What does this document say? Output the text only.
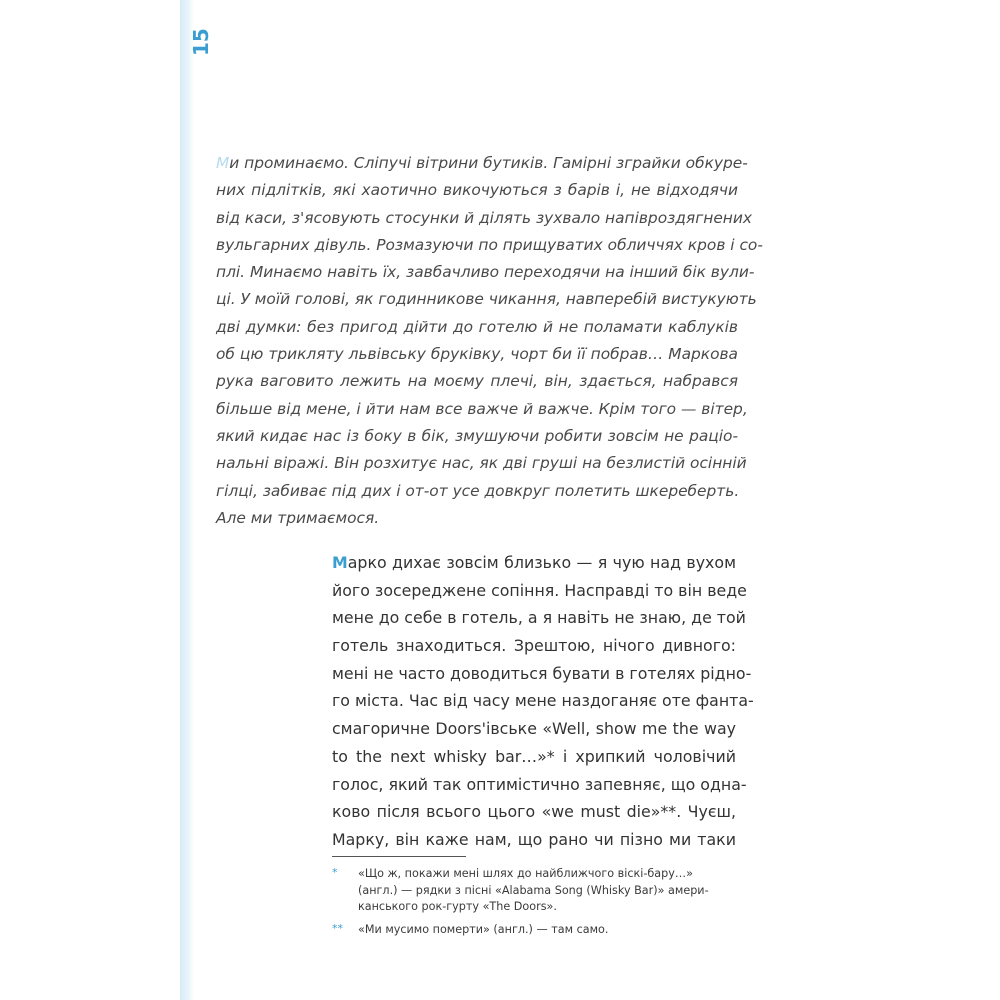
15
Ми проминаємо. Сліпучі вітрини бутиків. Гамірні зграйки обкуре-
них підлітків, які хаотично викочуються з барів і, не відходячи
від каси, з'ясовують стосунки й ділять зухвало напівроздягнених
вульгарних дівуль. Розмазуючи по прищуватих обличчях кров і со-
плі. Минаємо навіть їх, завбачливо переходячи на інший бік вули-
ці. У моїй голові, як годинникове чикання, навперебій вистукують
дві думки: без пригод дійти до готелю й не поламати каблуків
об цю триклятy львівську бруківку, чорт би її побрав… Маркова
рука ваговито лежить на моєму плечі, він, здається, набрався
більше від мене, і йти нам все важче й важче. Крім того — вітер,
який кидає нас із боку в бік, змушуючи робити зовсім не раціо-
нальні віражі. Він розхитує нас, як дві груші на безлистій осінній
гілці, забиває під дих і от-от усе довкруг полетить шкереберть.
Але ми тримаємося.
Марко дихає зовсім близько — я чую над вухом
його зосереджене сопіння. Насправді то він веде
мене до себе в готель, а я навіть не знаю, де той
готель знаходиться. Зрештою, нічого дивного:
мені не часто доводиться бувати в готелях рідно-
го міста. Час від часу мене наздоганяє оте фанта-
смагоричне Doors'івське «Well, show me the way
to the next whisky bar…»* і хрипкий чоловічий
голос, який так оптимістично запевняє, що одна-
ково після всього цього «we must die»**. Чуєш,
Марку, він каже нам, що рано чи пізно ми таки
* «Що ж, покажи мені шлях до найближчого віскі-бару…»
(англ.) — рядки з пісні «Alabama Song (Whisky Bar)» амери-
канського рок-гурту «The Doors».
** «Ми мусимо померти» (англ.) — там само.
